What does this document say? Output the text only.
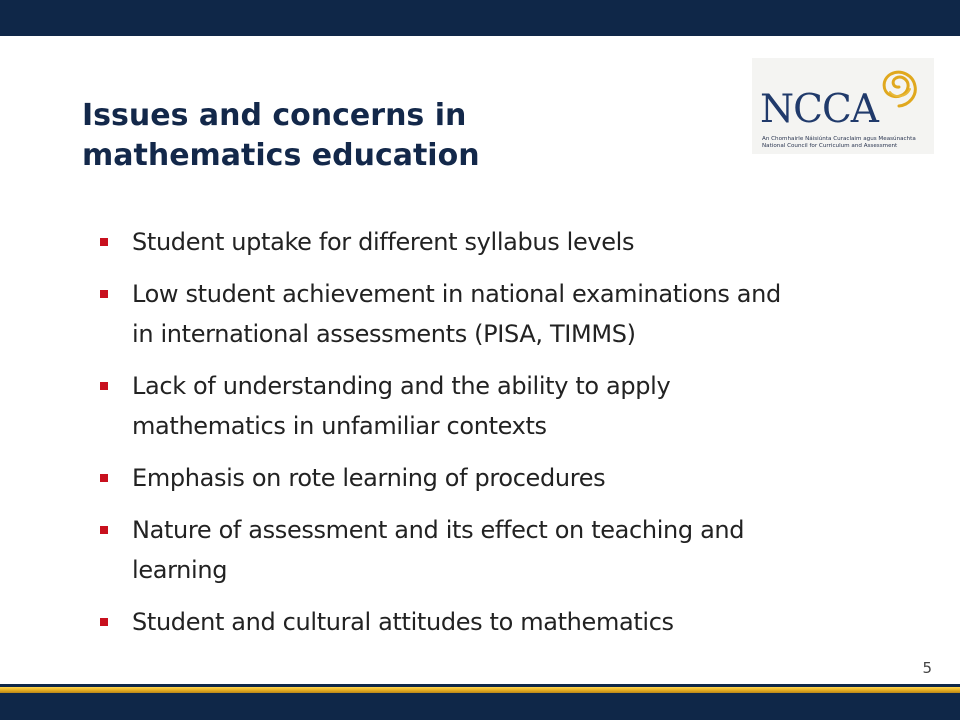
Issues and concerns in
mathematics education
NCCA
An Chomhairle Náisiúnta Curaclaim agus Measúnachta
National Council for Curriculum and Assessment
Student uptake for different syllabus levels
Low student achievement in national examinations and
in international assessments (PISA, TIMMS)
Lack of understanding and the ability to apply
mathematics in unfamiliar contexts
Emphasis on rote learning of procedures
Nature of assessment and its effect on teaching and
learning
Student and cultural attitudes to mathematics
5
